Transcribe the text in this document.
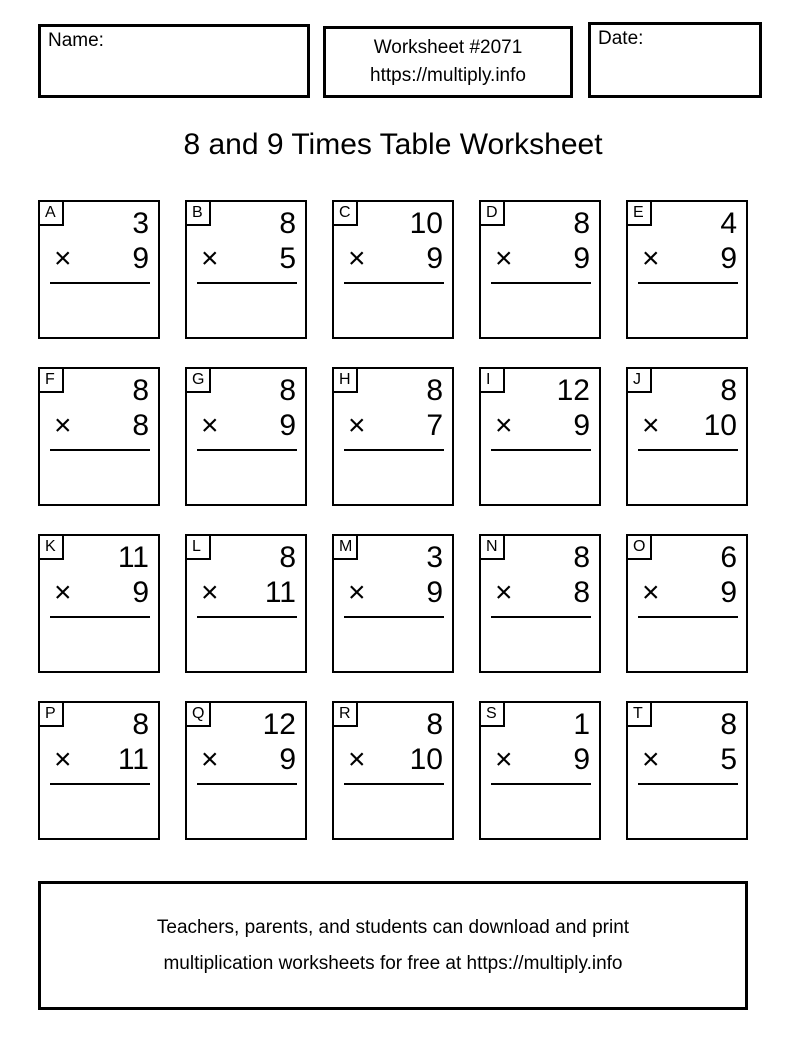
Name:	Worksheet #2071
https://multiply.info
Date:
8 and 9 Times Table Worksheet
A	3
× 9
B	8
× 5
C	10
× 9
D	8
× 9
E	4
× 9
F	8
× 8
G	8
× 9
H	8
× 7
I	12
× 9
J	8
× 10
K	11
× 9
L	8
× 11
M	3
× 9
N	8
× 8
O	6
× 9
P	8
× 11
Q	12
× 9
R	8
× 10
S	1
× 9
T	8
× 5
Teachers, parents, and students can download and print
multiplication worksheets for free at https://multiply.info
